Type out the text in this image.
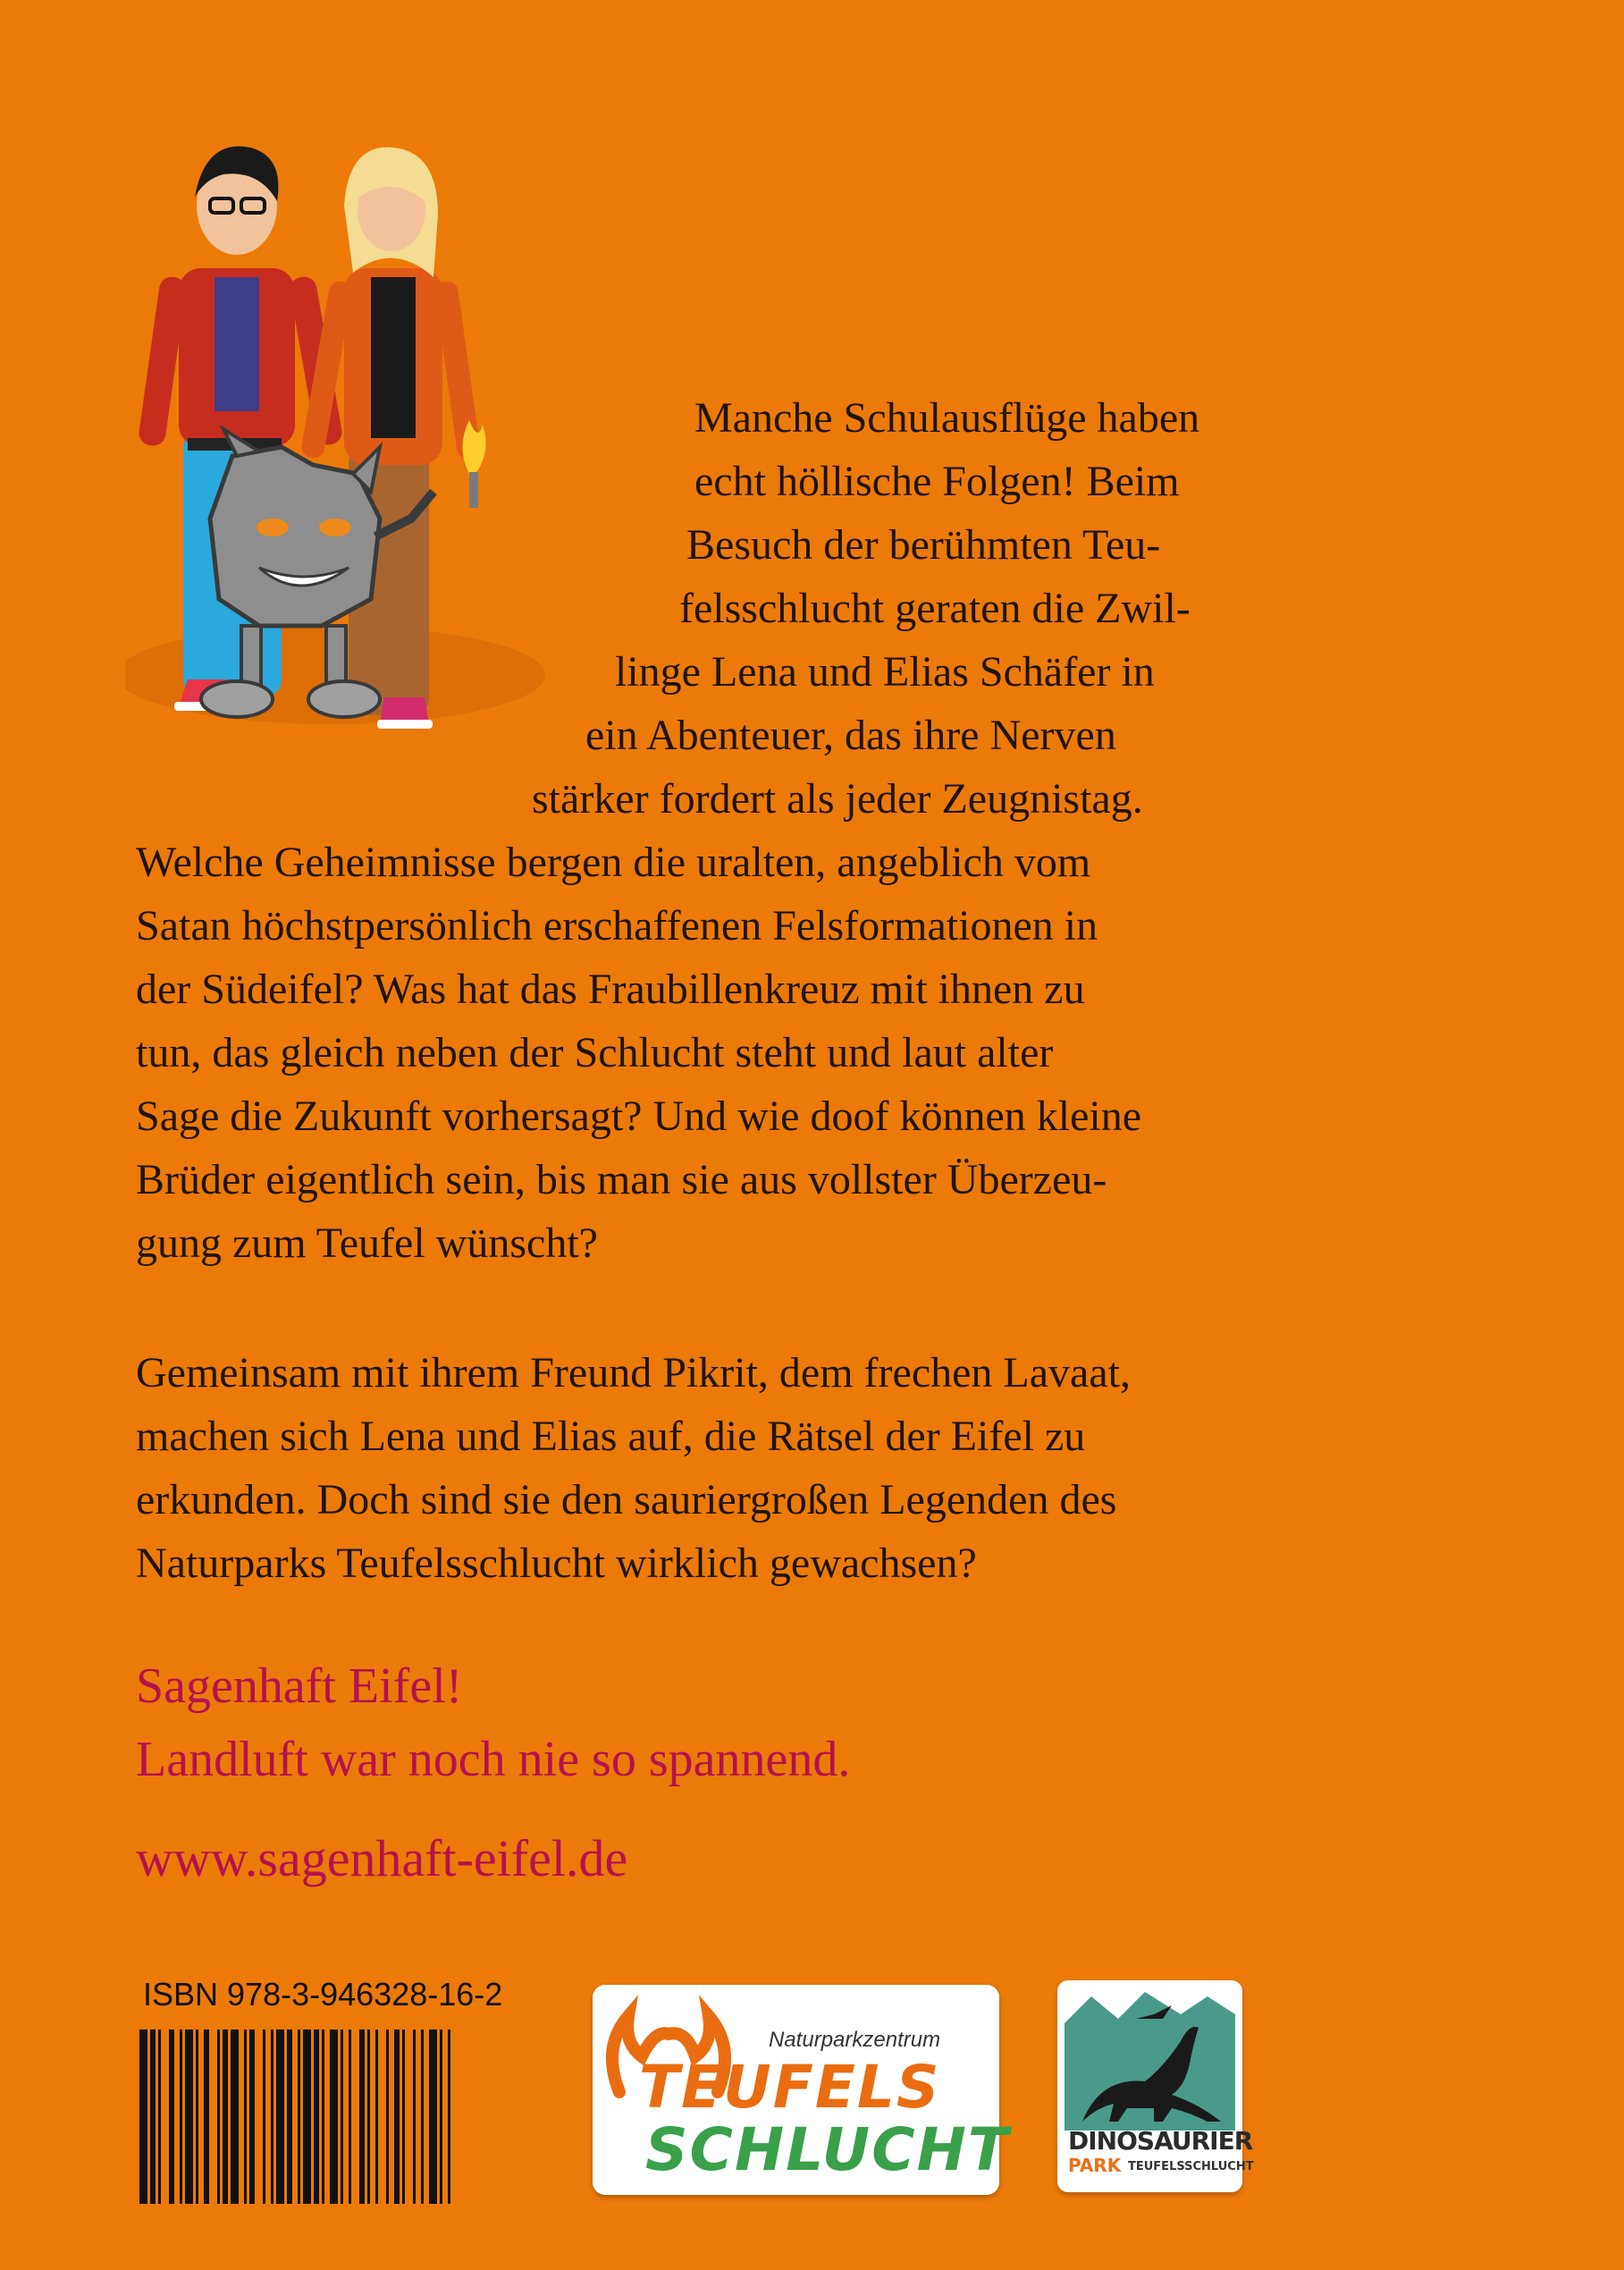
Manche Schulausflüge haben
echt höllische Folgen! Beim
Besuch der berühmten Teu-
felsschlucht geraten die Zwil-
linge Lena und Elias Schäfer in
ein Abenteuer, das ihre Nerven
stärker fordert als jeder Zeugnistag.
Welche Geheimnisse bergen die uralten, angeblich vom
Satan höchstpersönlich erschaffenen Felsformationen in
der Südeifel? Was hat das Fraubillenkreuz mit ihnen zu
tun, das gleich neben der Schlucht steht und laut alter
Sage die Zukunft vorhersagt? Und wie doof können kleine
Brüder eigentlich sein, bis man sie aus vollster Überzeu-
gung zum Teufel wünscht?
Gemeinsam mit ihrem Freund Pikrit, dem frechen Lavaat,
machen sich Lena und Elias auf, die Rätsel der Eifel zu
erkunden. Doch sind sie den sauriergroßen Legenden des
Naturparks Teufelsschlucht wirklich gewachsen?
Sagenhaft Eifel!
Landluft war noch nie so spannend.
www.sagenhaft-eifel.de
ISBN 978-3-946328-16-2
Naturparkzentrum
TEUFELS
SCHLUCHT DINOSAURIER
PARK TEUFELSSCHLUCHT
